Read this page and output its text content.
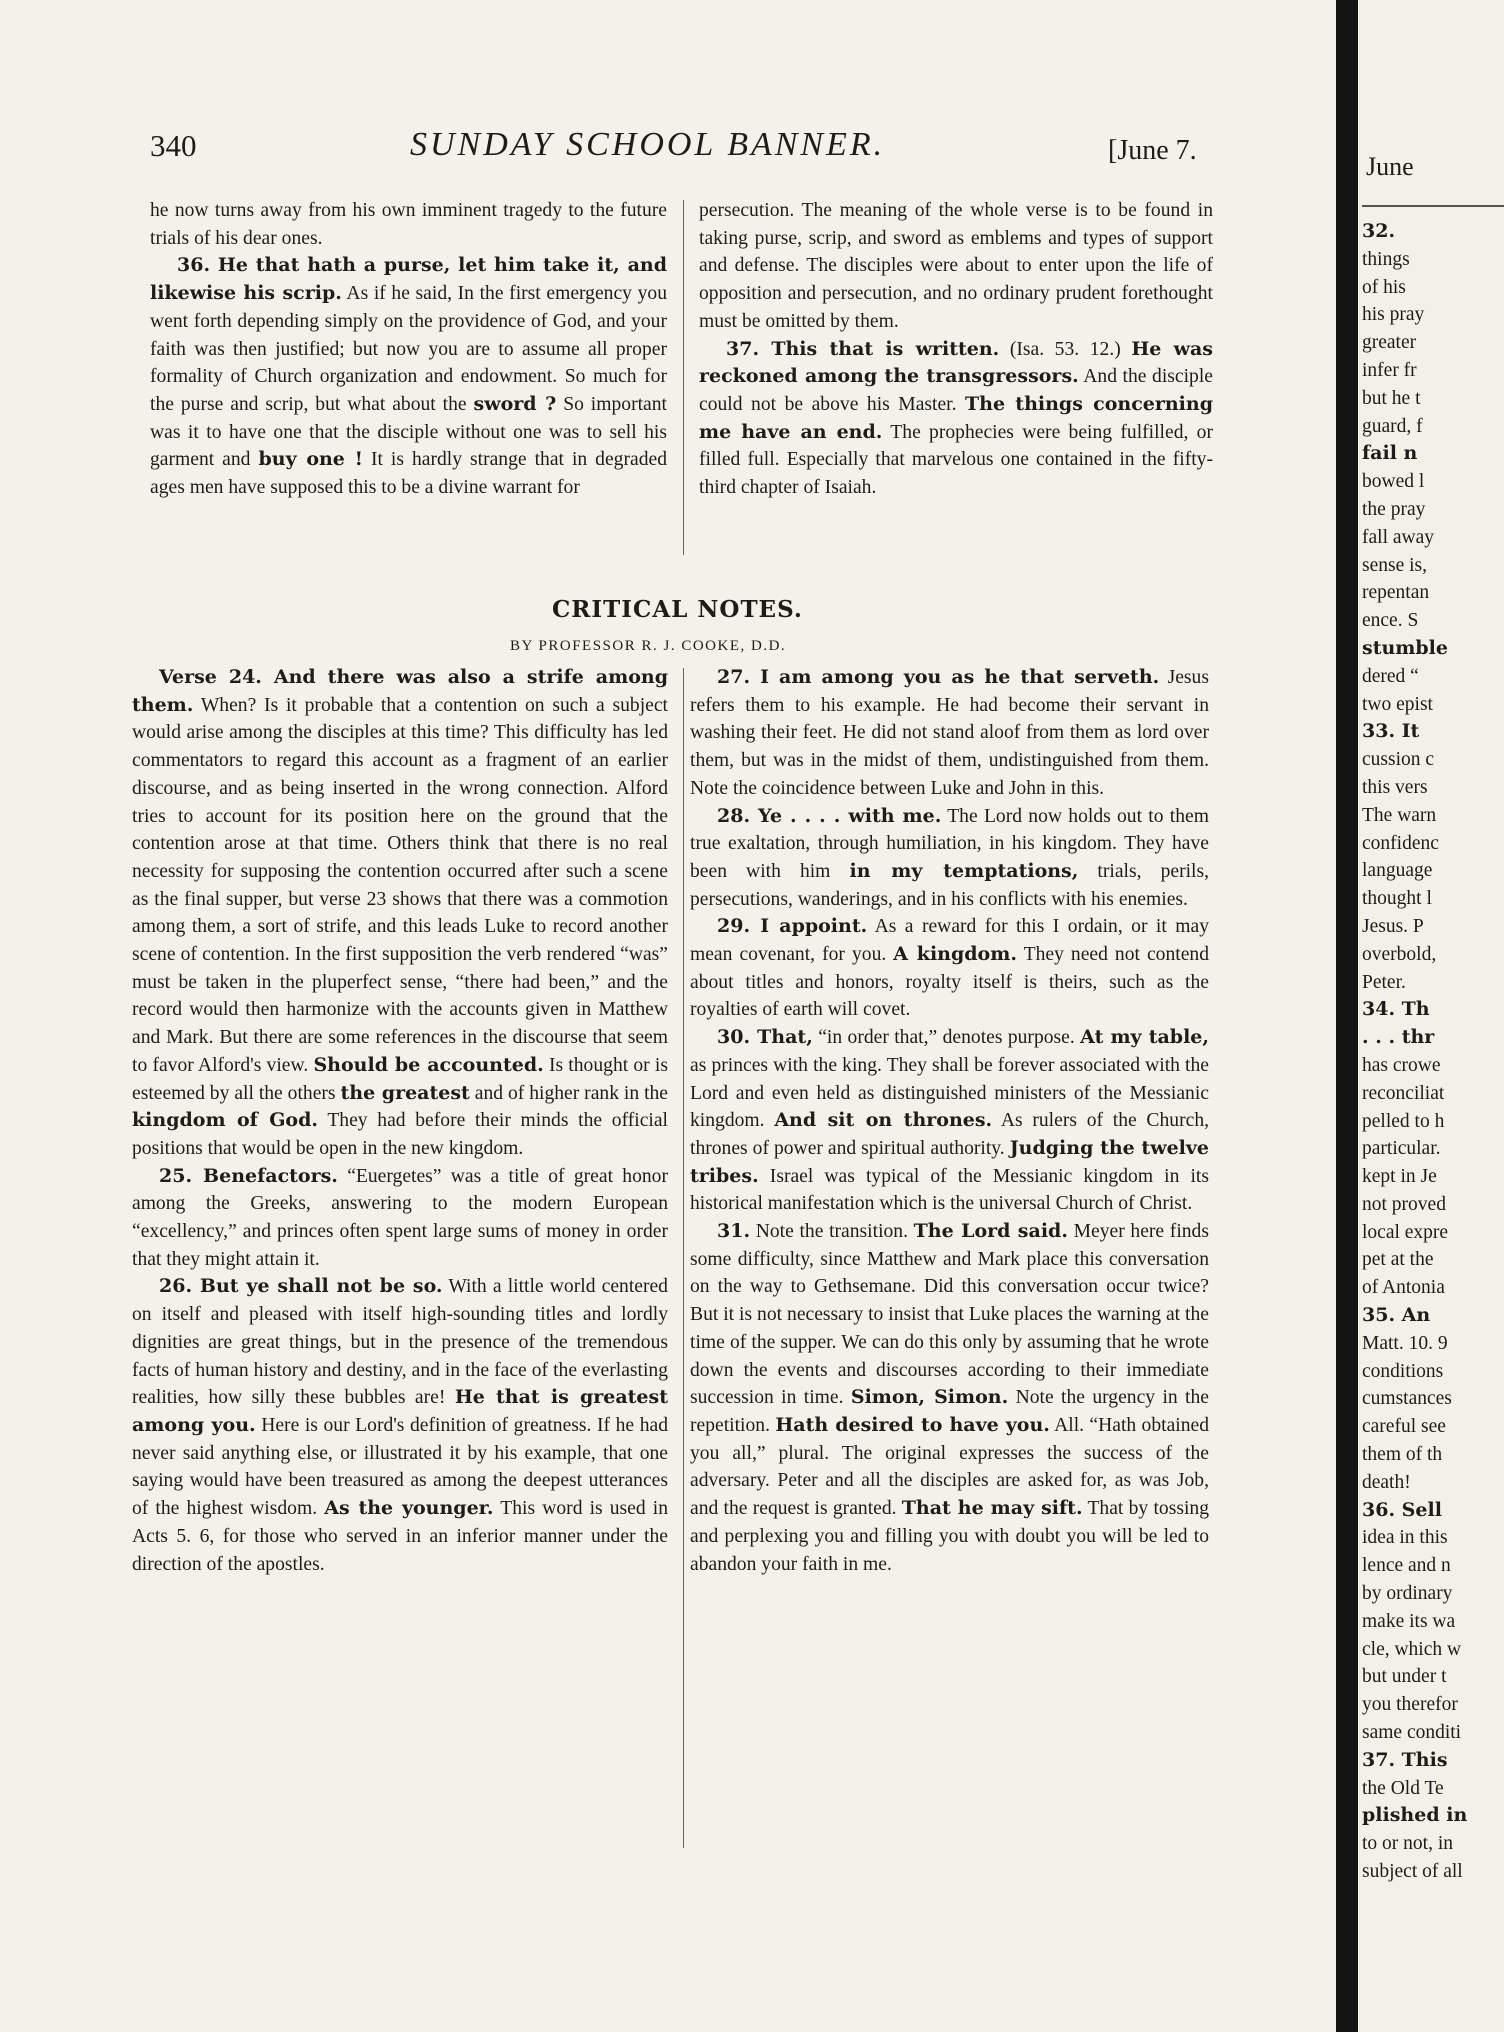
340	SUNDAY SCHOOL BANNER.	[June 7.

he now turns away from his own imminent tragedy to the future trials of his dear ones.

36. He that hath a purse, let him take it, and likewise his scrip. As if he said, In the first emergency you went forth depending simply on the providence of God, and your faith was then justified; but now you are to assume all proper formality of Church organization and endowment. So much for the purse and scrip, but what about the sword ? So important was it to have one that the disciple without one was to sell his garment and buy one ! It is hardly strange that in degraded ages men have supposed this to be a divine warrant for

persecution. The meaning of the whole verse is to be found in taking purse, scrip, and sword as emblems and types of support and defense. The disciples were about to enter upon the life of opposition and persecution, and no ordinary prudent forethought must be omitted by them.

37. This that is written. (Isa. 53. 12.) He was reckoned among the transgressors. And the disciple could not be above his Master. The things concerning me have an end. The prophecies were being fulfilled, or filled full. Especially that marvelous one contained in the fifty-third chapter of Isaiah.

CRITICAL NOTES.
BY PROFESSOR R. J. COOKE, D.D.

Verse 24. And there was also a strife among them. When? Is it probable that a contention on such a subject would arise among the disciples at this time? This difficulty has led commentators to regard this account as a fragment of an earlier discourse, and as being inserted in the wrong connection. Alford tries to account for its position here on the ground that the contention arose at that time. Others think that there is no real necessity for supposing the contention occurred after such a scene as the final supper, but verse 23 shows that there was a commotion among them, a sort of strife, and this leads Luke to record another scene of contention. In the first supposition the verb rendered “was” must be taken in the pluperfect sense, “there had been,” and the record would then harmonize with the accounts given in Matthew and Mark. But there are some references in the discourse that seem to favor Alford's view. Should be accounted. Is thought or is esteemed by all the others the greatest and of higher rank in the kingdom of God. They had before their minds the official positions that would be open in the new kingdom.

25. Benefactors. “Euergetes” was a title of great honor among the Greeks, answering to the modern European “excellency,” and princes often spent large sums of money in order that they might attain it.

26. But ye shall not be so. With a little world centered on itself and pleased with itself high-sounding titles and lordly dignities are great things, but in the presence of the tremendous facts of human history and destiny, and in the face of the everlasting realities, how silly these bubbles are! He that is greatest among you. Here is our Lord's definition of greatness. If he had never said anything else, or illustrated it by his example, that one saying would have been treasured as among the deepest utterances of the highest wisdom. As the younger. This word is used in Acts 5. 6, for those who served in an inferior manner under the direction of the apostles.

27. I am among you as he that serveth. Jesus refers them to his example. He had become their servant in washing their feet. He did not stand aloof from them as lord over them, but was in the midst of them, undistinguished from them. Note the coincidence between Luke and John in this.

28. Ye . . . . with me. The Lord now holds out to them true exaltation, through humiliation, in his kingdom. They have been with him in my temptations, trials, perils, persecutions, wanderings, and in his conflicts with his enemies.

29. I appoint. As a reward for this I ordain, or it may mean covenant, for you. A kingdom. They need not contend about titles and honors, royalty itself is theirs, such as the royalties of earth will covet.

30. That, “in order that,” denotes purpose. At my table, as princes with the king. They shall be forever associated with the Lord and even held as distinguished ministers of the Messianic kingdom. And sit on thrones. As rulers of the Church, thrones of power and spiritual authority. Judging the twelve tribes. Israel was typical of the Messianic kingdom in its historical manifestation which is the universal Church of Christ.

31. Note the transition. The Lord said. Meyer here finds some difficulty, since Matthew and Mark place this conversation on the way to Gethsemane. Did this conversation occur twice? But it is not necessary to insist that Luke places the warning at the time of the supper. We can do this only by assuming that he wrote down the events and discourses according to their immediate succession in time. Simon, Simon. Note the urgency in the repetition. Hath desired to have you. All. “Hath obtained you all,” plural. The original expresses the success of the adversary. Peter and all the disciples are asked for, as was Job, and the request is granted. That he may sift. That by tossing and perplexing you and filling you with doubt you will be led to abandon your faith in me.

June
32.
things
of his
his pray
greater
infer fr
but he t
guard, f
fail n
bowed l
the pray
fall away
sense is,
repentan
ence. S
stumble
dered “
two epist
33. It
cussion c
this vers
The warn
confidenc
language
thought l
Jesus. P
overbold,
Peter.
34. Th
. . . thr
has crowe
reconciliat
pelled to h
particular.
kept in Je
not proved
local expre
pet at the
of Antonia
35. An
Matt. 10. 9
conditions
cumstances
careful see
them of th
death!
36. Sell
idea in this
lence and n
by ordinary
make its wa
cle, which w
but under t
you therefor
same conditi
37. This
the Old Te
plished in
to or not, in
subject of all
